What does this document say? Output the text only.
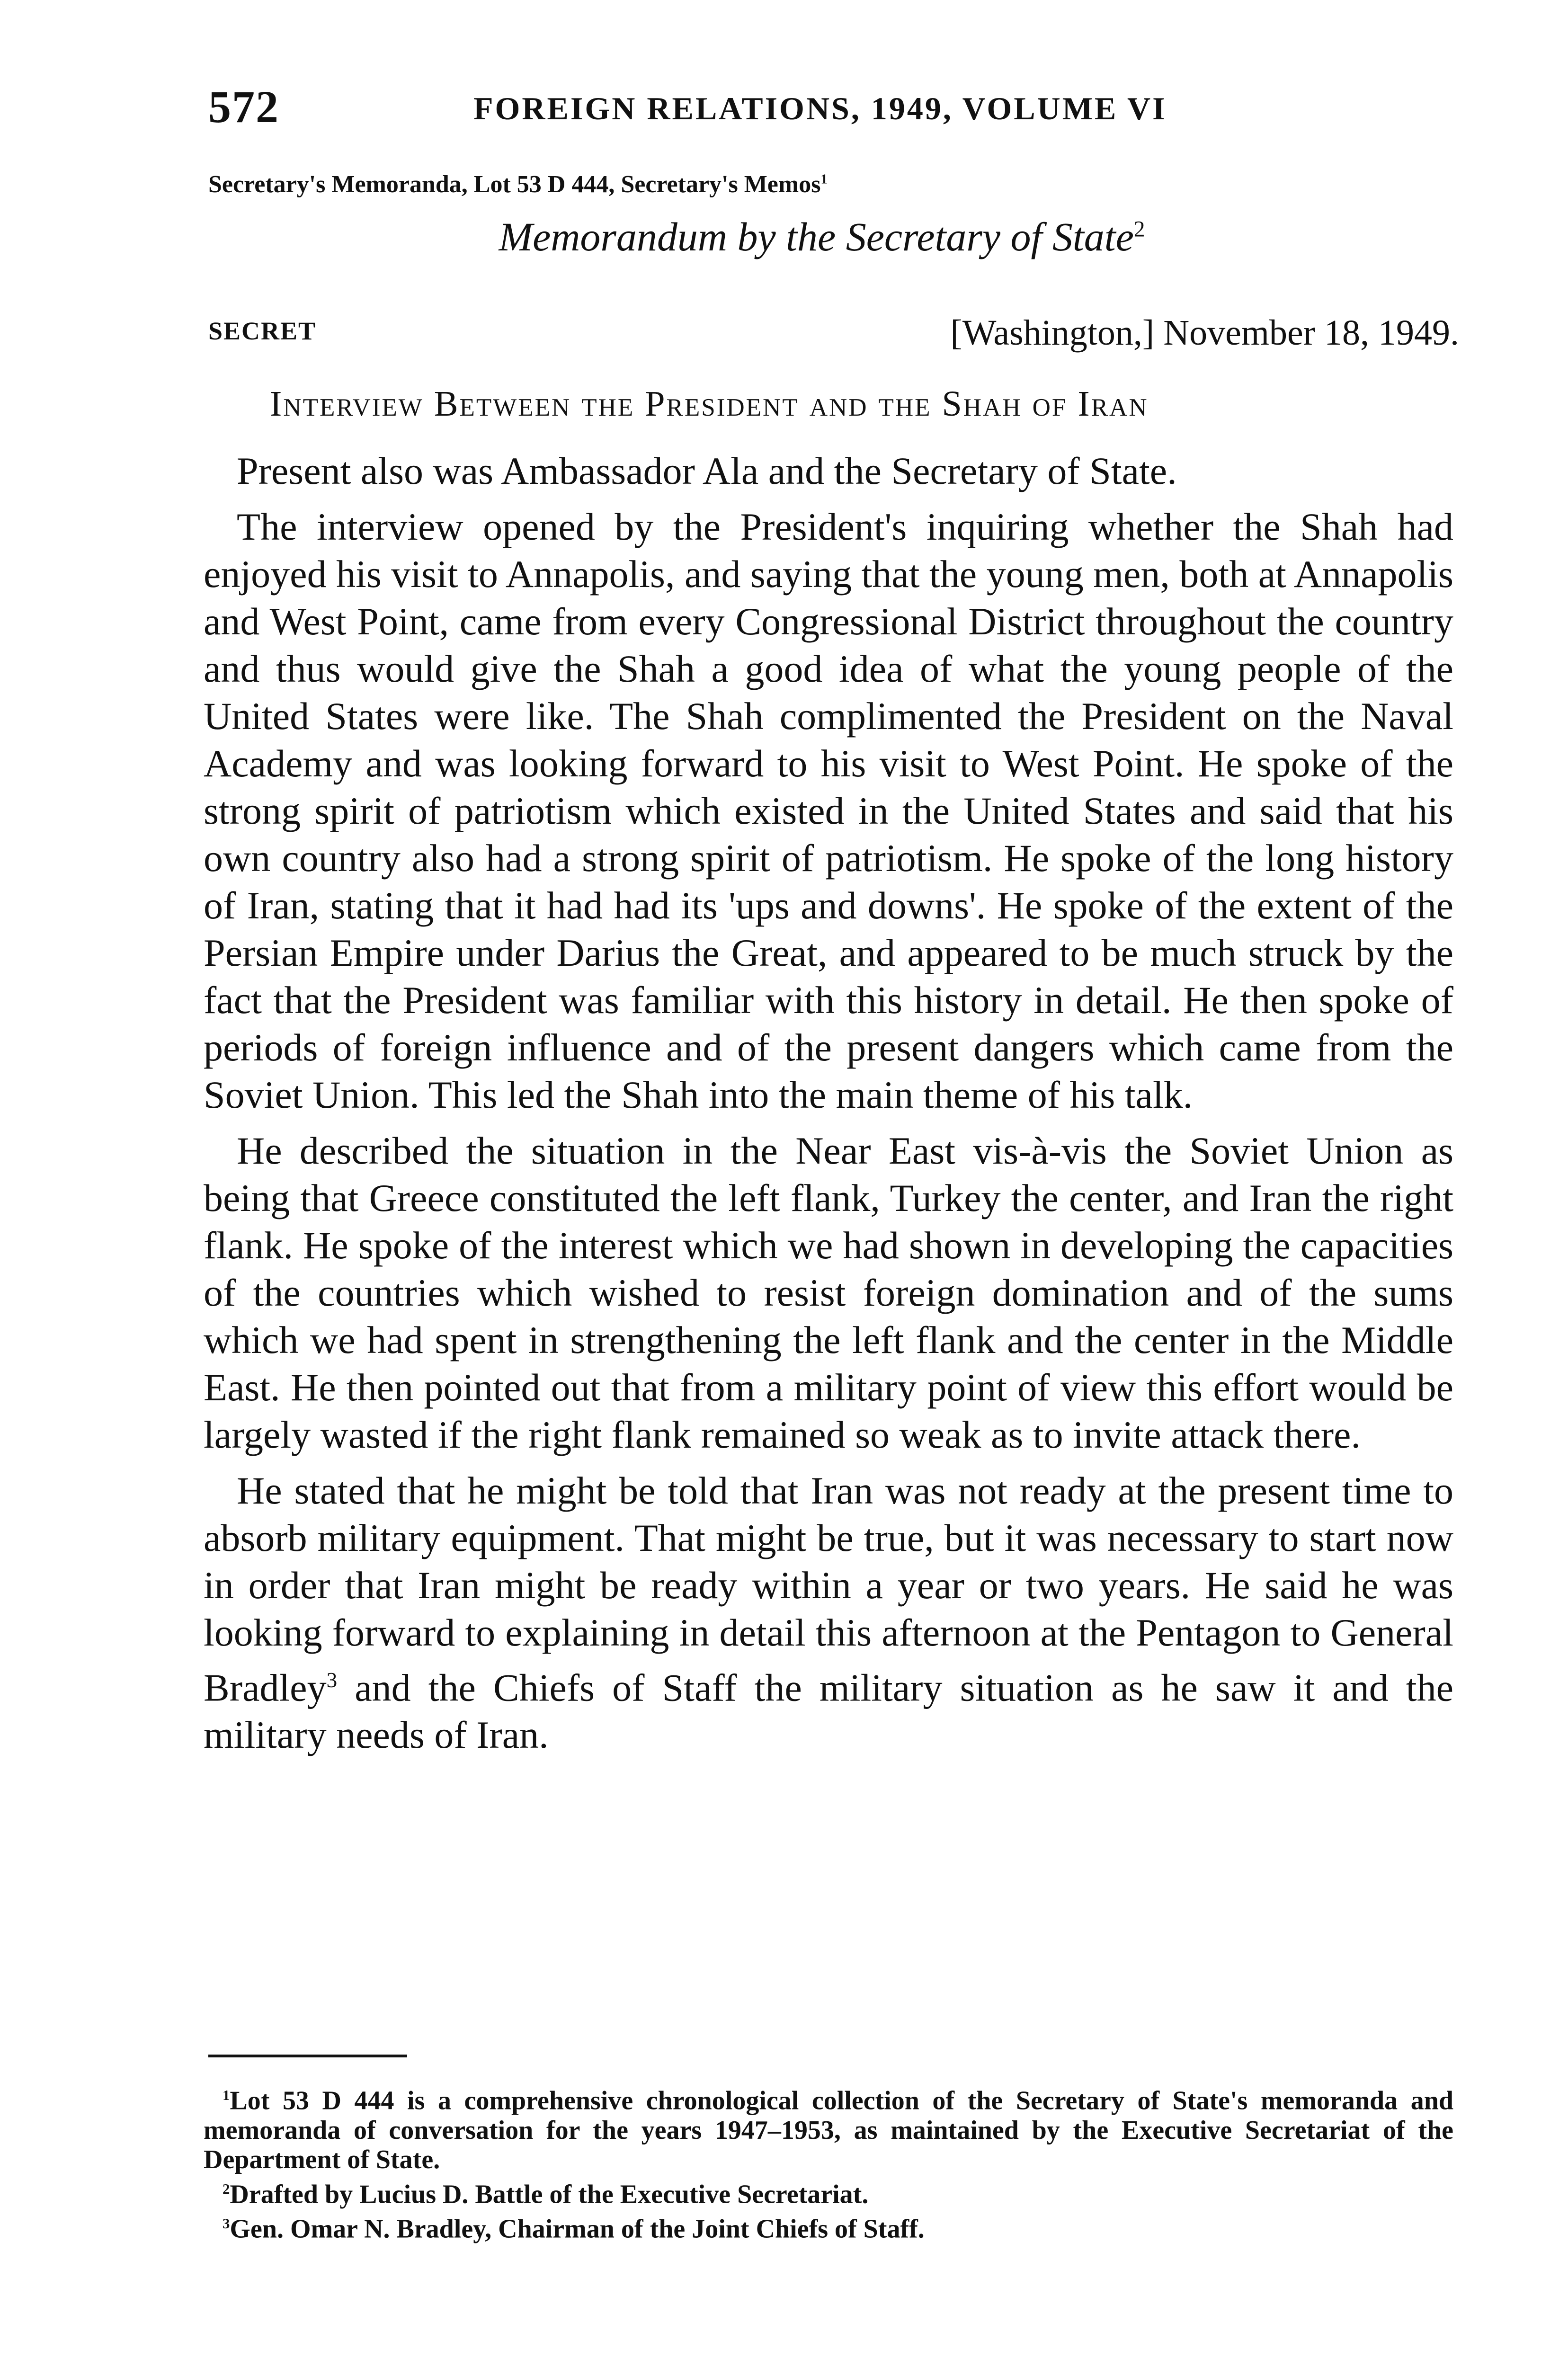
572	FOREIGN RELATIONS, 1949, VOLUME VI
Secretary's Memoranda, Lot 53 D 444, Secretary's Memos$^1$
Memorandum by the Secretary of State$^2$
SECRET	[Washington,] November 18, 1949.
Interview Between the President and the Shah of Iran

Present also was Ambassador Ala and the Secretary of State.

The interview opened by the President's inquiring whether the Shah had enjoyed his visit to Annapolis, and saying that the young men, both at Annapolis and West Point, came from every Congressional District throughout the country and thus would give the Shah a good idea of what the young people of the United States were like. The Shah complimented the President on the Naval Academy and was looking forward to his visit to West Point. He spoke of the strong spirit of patriotism which existed in the United States and said that his own country also had a strong spirit of patriotism. He spoke of the long history of Iran, stating that it had had its 'ups and downs'. He spoke of the extent of the Persian Empire under Darius the Great, and appeared to be much struck by the fact that the President was familiar with this history in detail. He then spoke of periods of foreign influence and of the present dangers which came from the Soviet Union. This led the Shah into the main theme of his talk.

He described the situation in the Near East vis-à-vis the Soviet Union as being that Greece constituted the left flank, Turkey the center, and Iran the right flank. He spoke of the interest which we had shown in developing the capacities of the countries which wished to resist foreign domination and of the sums which we had spent in strengthening the left flank and the center in the Middle East. He then pointed out that from a military point of view this effort would be largely wasted if the right flank remained so weak as to invite attack there.

He stated that he might be told that Iran was not ready at the present time to absorb military equipment. That might be true, but it was necessary to start now in order that Iran might be ready within a year or two years. He said he was looking forward to explaining in detail this afternoon at the Pentagon to General Bradley$^3$ and the Chiefs of Staff the military situation as he saw it and the military needs of Iran.

$^1$Lot 53 D 444 is a comprehensive chronological collection of the Secretary of State's memoranda and memoranda of conversation for the years 1947–1953, as maintained by the Executive Secretariat of the Department of State.

$^2$Drafted by Lucius D. Battle of the Executive Secretariat.

$^3$Gen. Omar N. Bradley, Chairman of the Joint Chiefs of Staff.
